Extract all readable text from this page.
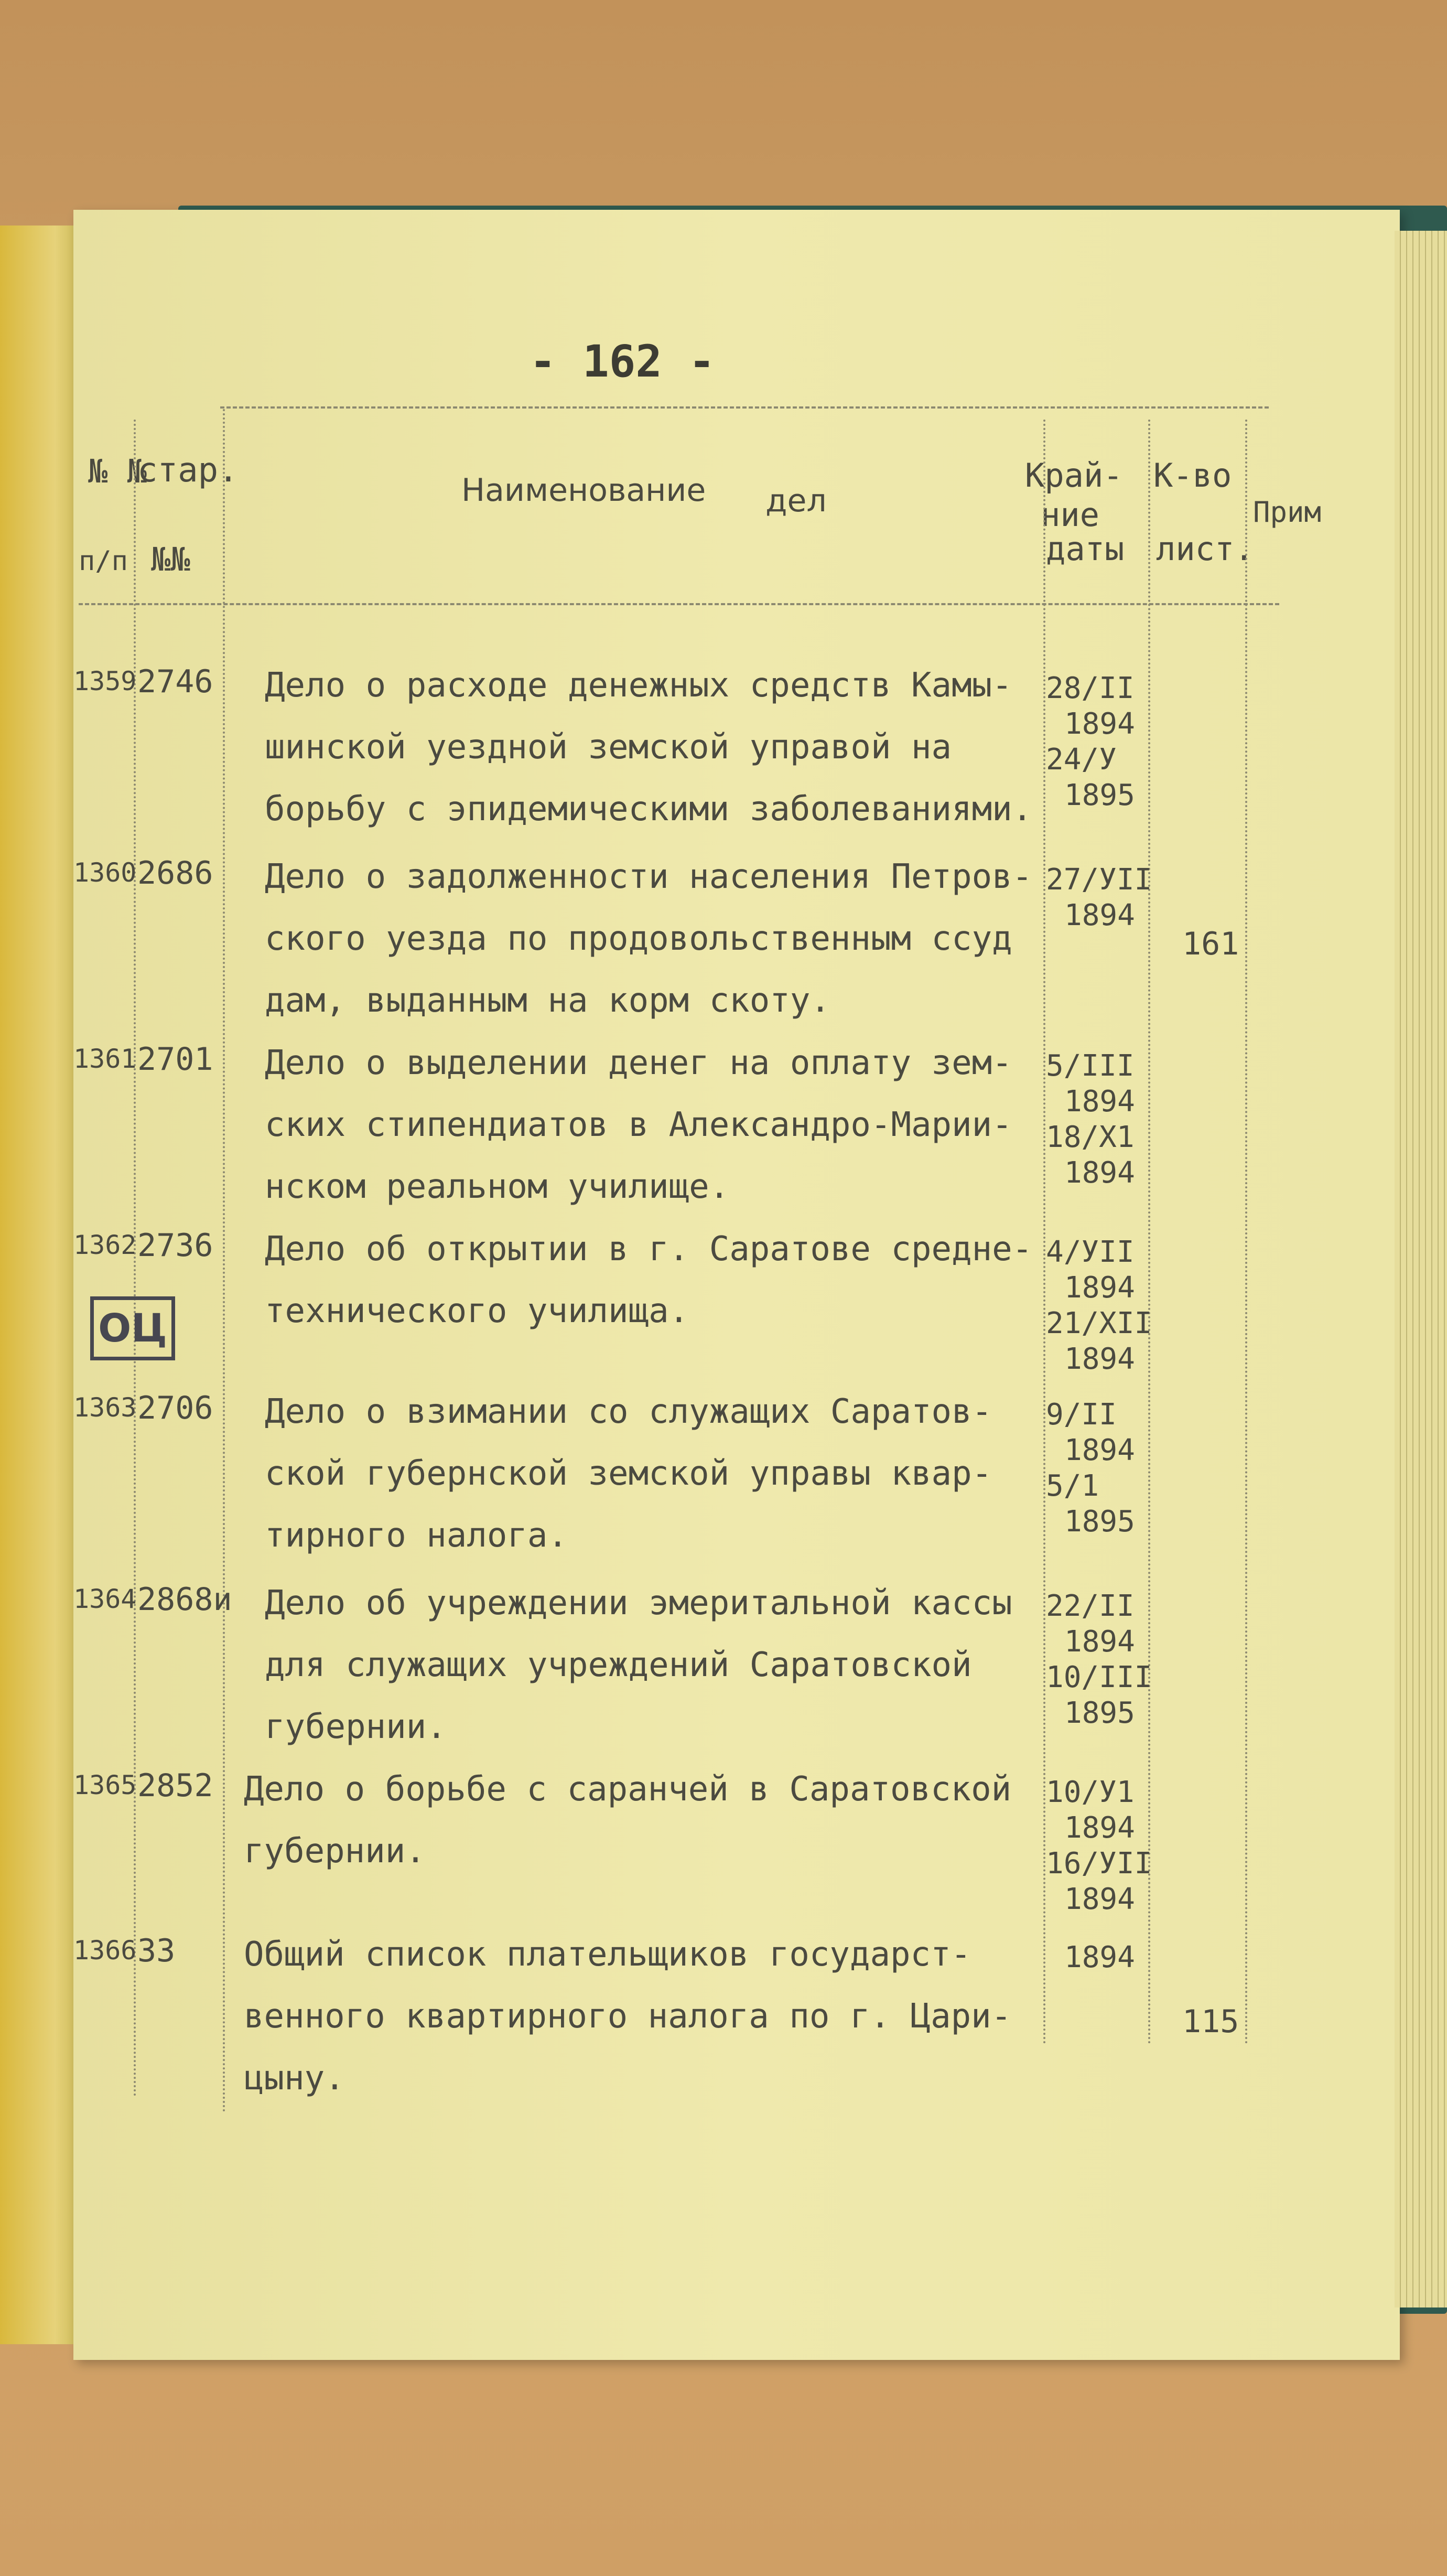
- 162 -
№ №
п/п
стар.
№№
Наименование дел
Край-
ние
даты
К-во
лист.
Прим
ОЦ
1359 2746 Дело о расходе денежных средств Камы-
шинской уездной земской управой на
борьбу с эпидемическими заболеваниями.
28/II
1894
24/У
1895
1360 2686 Дело о задолженности населения Петров-
ского уезда по продовольственным ссуд
дам, выданным на корм скоту.
27/УII
1894
161
1361 2701 Дело о выделении денег на оплату зем-
ских стипендиатов в Александро-Марии-
нском реальном училище.
5/III
1894
18/Х1
1894
1362 2736 Дело об открытии в г. Саратове средне-
технического училища.
4/УII
1894
21/ХII
1894
1363 2706 Дело о взимании со служащих Саратов-
ской губернской земской управы квар-
тирного налога.
9/II
1894
5/1
1895
1364 2868и Дело об учреждении эмеритальной кассы
для служащих учреждений Саратовской
губернии.
22/II
1894
10/III
1895
1365 2852 Дело о борьбе с саранчей в Саратовской
губернии.
10/У1
1894
16/УII
1894
1366 33 Общий список плательщиков государст-
венного квартирного налога по г. Цари-
цыну.
1894
115
